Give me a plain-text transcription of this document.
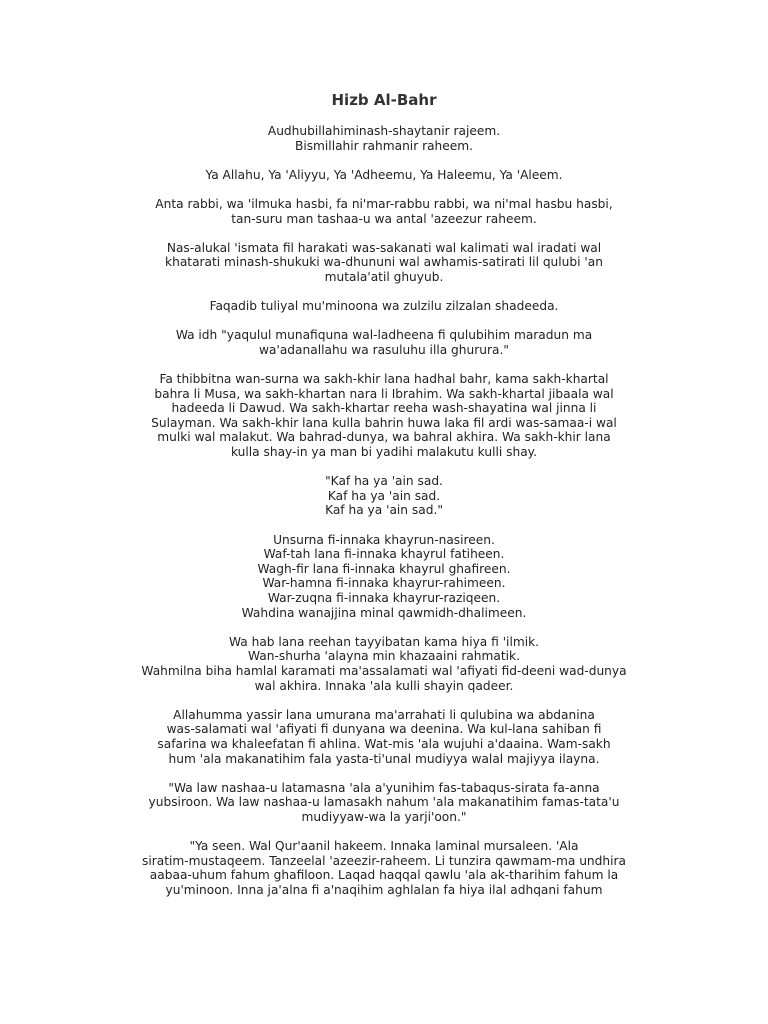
Hizb Al-Bahr

Audhubillahiminash-shaytanir rajeem.
Bismillahir rahmanir raheem.

Ya Allahu, Ya 'Aliyyu, Ya 'Adheemu, Ya Haleemu, Ya 'Aleem.

Anta rabbi, wa 'ilmuka hasbi, fa ni'mar-rabbu rabbi, wa ni'mal hasbu hasbi,
tan-suru man tashaa-u wa antal 'azeezur raheem.

Nas-alukal 'ismata fil harakati was-sakanati wal kalimati wal iradati wal
khatarati minash-shukuki wa-dhununi wal awhamis-satirati lil qulubi 'an
mutala'atil ghuyub.

Faqadib tuliyal mu'minoona wa zulzilu zilzalan shadeeda.

Wa idh "yaqulul munafiquna wal-ladheena fi qulubihim maradun ma
wa'adanallahu wa rasuluhu illa ghurura."

Fa thibbitna wan-surna wa sakh-khir lana hadhal bahr, kama sakh-khartal
bahra li Musa, wa sakh-khartan nara li Ibrahim. Wa sakh-khartal jibaala wal
hadeeda li Dawud. Wa sakh-khartar reeha wash-shayatina wal jinna li
Sulayman. Wa sakh-khir lana kulla bahrin huwa laka fil ardi was-samaa-i wal
mulki wal malakut. Wa bahrad-dunya, wa bahral akhira. Wa sakh-khir lana
kulla shay-in ya man bi yadihi malakutu kulli shay.

"Kaf ha ya 'ain sad.
Kaf ha ya 'ain sad.
Kaf ha ya 'ain sad."

Unsurna fi-innaka khayrun-nasireen.
Waf-tah lana fi-innaka khayrul fatiheen.
Wagh-fir lana fi-innaka khayrul ghafireen.
War-hamna fi-innaka khayrur-rahimeen.
War-zuqna fi-innaka khayrur-raziqeen.
Wahdina wanajjina minal qawmidh-dhalimeen.

Wa hab lana reehan tayyibatan kama hiya fi 'ilmik.
Wan-shurha 'alayna min khazaaini rahmatik.
Wahmilna biha hamlal karamati ma'assalamati wal 'afiyati fid-deeni wad-dunya
wal akhira. Innaka 'ala kulli shayin qadeer.

Allahumma yassir lana umurana ma'arrahati li qulubina wa abdanina
was-salamati wal 'afiyati fi dunyana wa deenina. Wa kul-lana sahiban fi
safarina wa khaleefatan fi ahlina. Wat-mis 'ala wujuhi a'daaina. Wam-sakh
hum 'ala makanatihim fala yasta-ti'unal mudiyya walal majiyya ilayna.

"Wa law nashaa-u latamasna 'ala a'yunihim fas-tabaqus-sirata fa-anna
yubsiroon. Wa law nashaa-u lamasakh nahum 'ala makanatihim famas-tata'u
mudiyyaw-wa la yarji'oon."

"Ya seen. Wal Qur'aanil hakeem. Innaka laminal mursaleen. 'Ala
siratim-mustaqeem. Tanzeelal 'azeezir-raheem. Li tunzira qawmam-ma undhira
aabaa-uhum fahum ghafiloon. Laqad haqqal qawlu 'ala ak-tharihim fahum la
yu'minoon. Inna ja'alna fi a'naqihim aghlalan fa hiya ilal adhqani fahum
